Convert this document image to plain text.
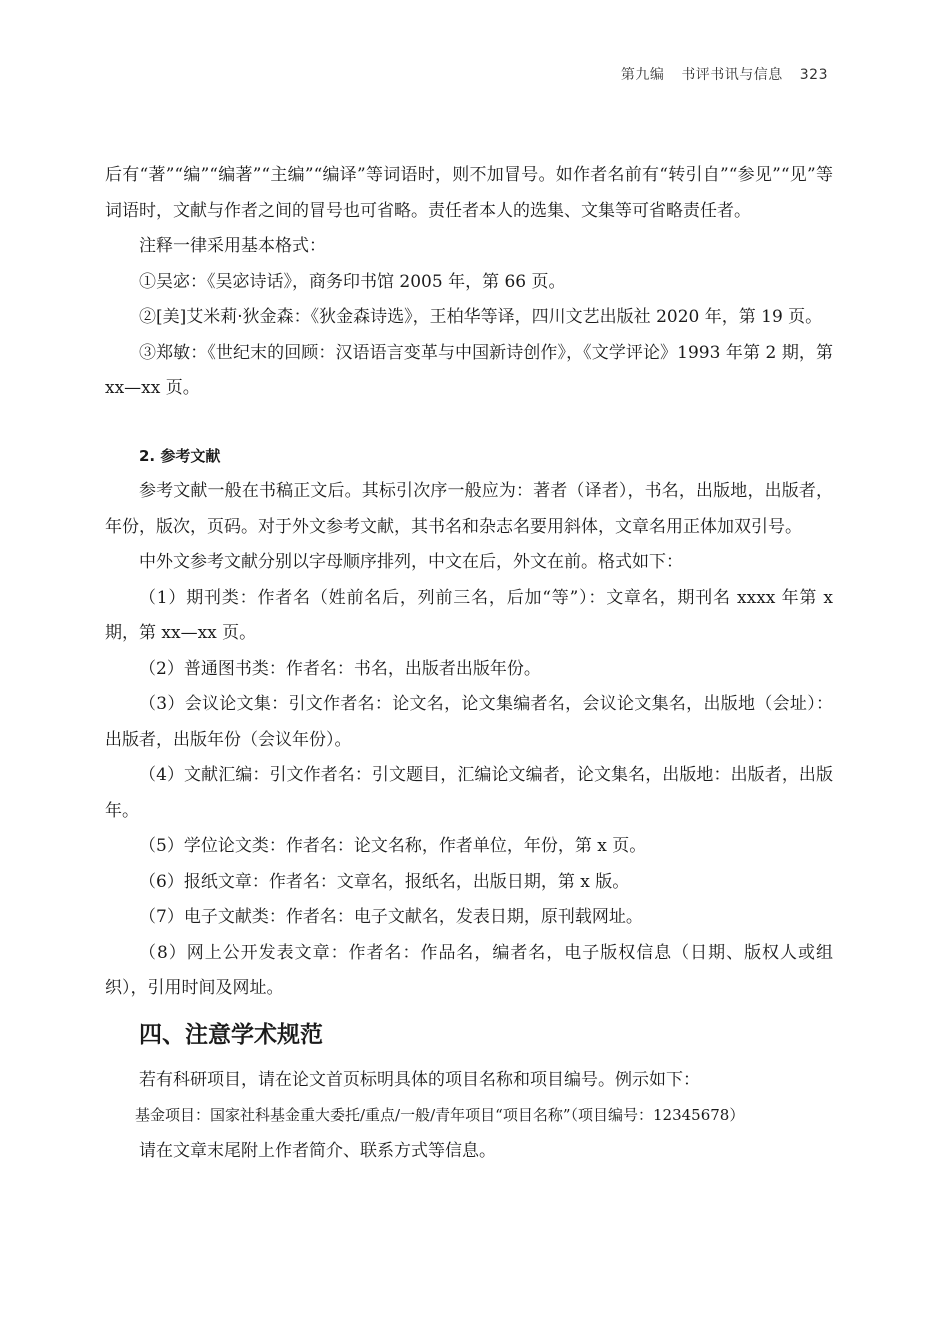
第九编 书评书讯与信息 323

后有“著”“编”“编著”“主编”“编译”等词语时，则不加冒号。如作者名前有“转引自”“参见”“见”等词语时，文献与作者之间的冒号也可省略。责任者本人的选集、文集等可省略责任者。

注释一律采用基本格式：

①吴宓：《吴宓诗话》，商务印书馆 2005 年，第 66 页。

②[美]艾米莉·狄金森：《狄金森诗选》，王柏华等译，四川文艺出版社 2020 年，第 19 页。

③郑敏：《世纪末的回顾：汉语语言变革与中国新诗创作》，《文学评论》1993 年第 2 期，第 xx—xx 页。

2. 参考文献

参考文献一般在书稿正文后。其标引次序一般应为：著者（译者），书名，出版地，出版者，年份，版次，页码。对于外文参考文献，其书名和杂志名要用斜体，文章名用正体加双引号。

中外文参考文献分别以字母顺序排列，中文在后，外文在前。格式如下：

（1）期刊类：作者名（姓前名后，列前三名，后加“等”）：文章名，期刊名 xxxx 年第 x 期，第 xx—xx 页。

（2）普通图书类：作者名：书名，出版者出版年份。

（3）会议论文集：引文作者名：论文名，论文集编者名，会议论文集名，出版地（会址）：出版者，出版年份（会议年份）。

（4）文献汇编：引文作者名：引文题目，汇编论文编者，论文集名，出版地：出版者，出版年。

（5）学位论文类：作者名：论文名称，作者单位，年份，第 x 页。

（6）报纸文章：作者名：文章名，报纸名，出版日期，第 x 版。

（7）电子文献类：作者名：电子文献名，发表日期，原刊载网址。

（8）网上公开发表文章：作者名：作品名，编者名，电子版权信息（日期、版权人或组织），引用时间及网址。

四、注意学术规范

若有科研项目，请在论文首页标明具体的项目名称和项目编号。例示如下：

基金项目：国家社科基金重大委托/重点/一般/青年项目“项目名称”（项目编号：12345678）

请在文章末尾附上作者简介、联系方式等信息。
